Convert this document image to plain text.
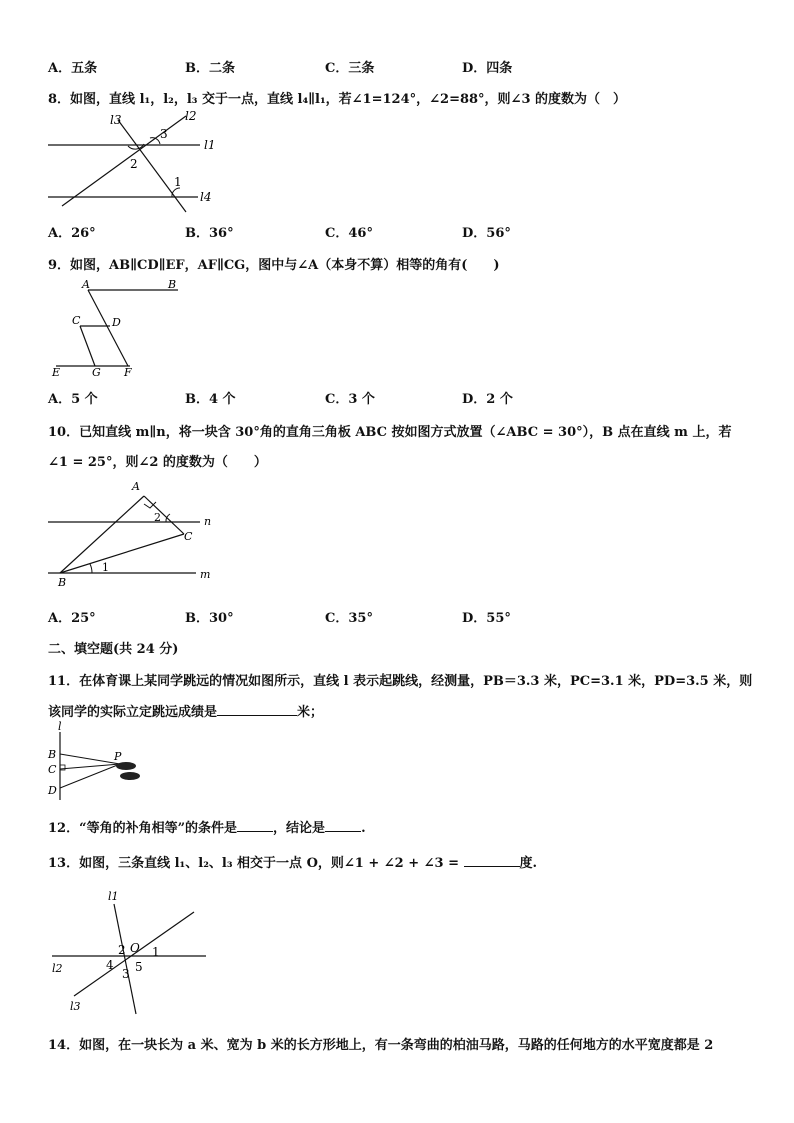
A．五条	B．二条	C．三条	D．四条
8．如图，直线 l₁，l₂，l₃ 交于一点，直线 l₄∥l₁，若∠1=124°，∠2=88°，则∠3 的度数为（　）
l3	l2
l1
l4
3
2
1
A．26°	B．36°	C．46°	D．56°
9．如图，AB∥CD∥EF，AF∥CG，图中与∠A（本身不算）相等的角有(　　)
A	B
C	D
E	G F
A．5 个	B．4 个	C．3 个	D．2 个
10．已知直线 m∥n，将一块含 30°角的直角三角板 ABC 按如图方式放置（∠ABC = 30°），B 点在直线 m 上，若
∠1 = 25°，则∠2 的度数为（　　）
A
2	n
C
B
1
m
A．25°	B．30°	C．35°	D．55°
二、填空题(共 24 分)
11．在体育课上某同学跳远的情况如图所示，直线 l 表示起跳线，经测量，PB＝3.3 米，PC=3.1 米，PD=3.5 米，则
该同学的实际立定跳远成绩是	米；
l
B
C
D
P
12．“等角的补角相等”的条件是	，结论是	.
13．如图，三条直线 l₁、l₂、l₃ 相交于一点 O，则∠1 + ∠2 + ∠3 =	度.
l1
l2
l3
O 1
2
3
4 5
14．如图，在一块长为 a 米、宽为 b 米的长方形地上，有一条弯曲的柏油马路，马路的任何地方的水平宽度都是 2
